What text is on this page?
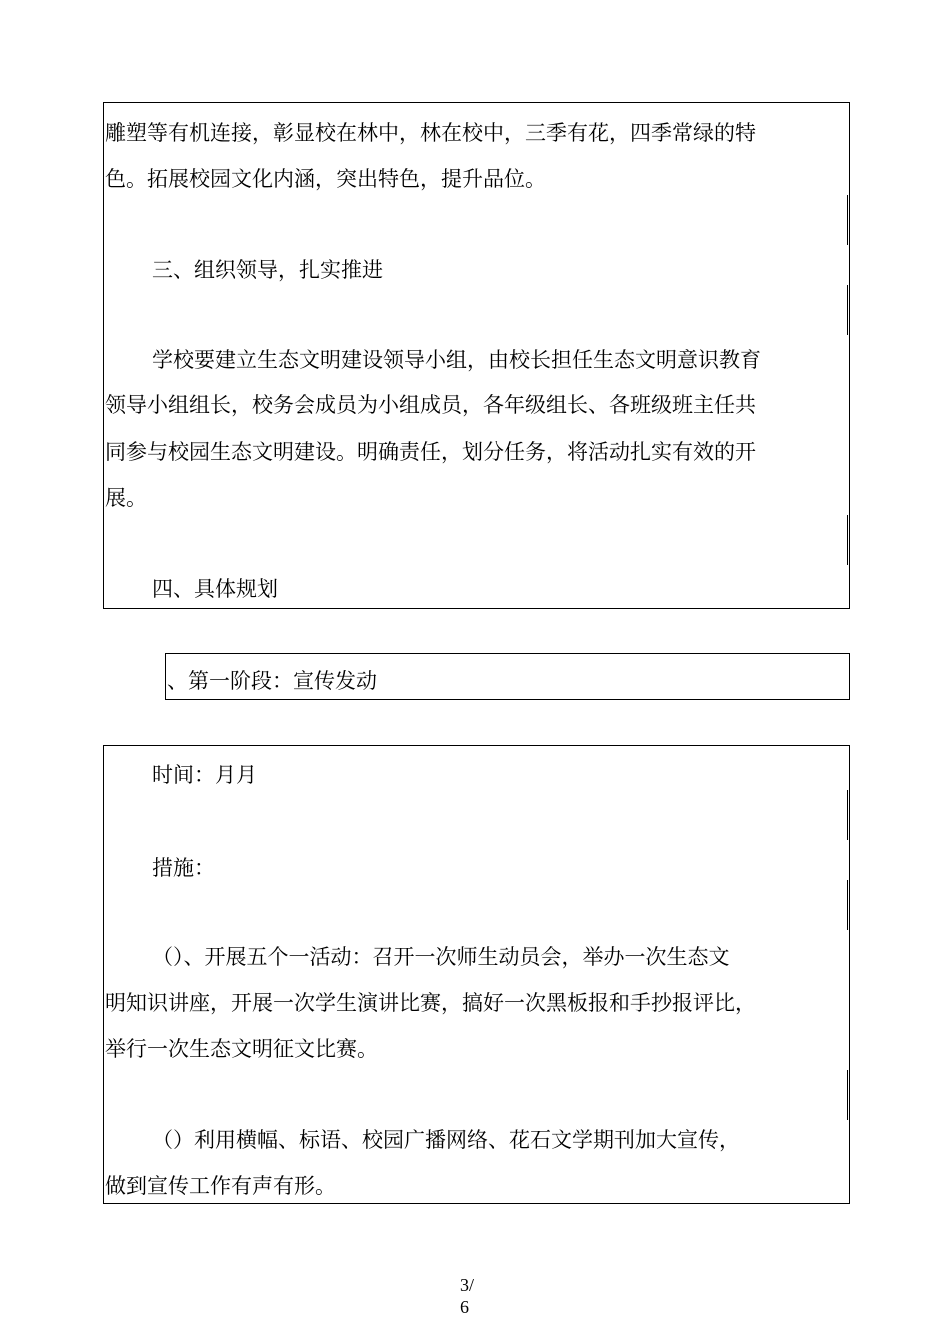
雕塑等有机连接，彰显校在林中，林在校中，三季有花，四季常绿的特

色。拓展校园文化内涵，突出特色，提升品位。

三、组织领导，扎实推进

学校要建立生态文明建设领导小组，由校长担任生态文明意识教育

领导小组组长，校务会成员为小组成员，各年级组长、各班级班主任共

同参与校园生态文明建设。明确责任，划分任务，将活动扎实有效的开

展。

四、具体规划

、第一阶段：宣传发动

时间：月月

措施：

（）、开展五个一活动：召开一次师生动员会，举办一次生态文

明知识讲座，开展一次学生演讲比赛，搞好一次黑板报和手抄报评比，

举行一次生态文明征文比赛。

（）利用横幅、标语、校园广播网络、花石文学期刊加大宣传，

做到宣传工作有声有形。

3/
6
